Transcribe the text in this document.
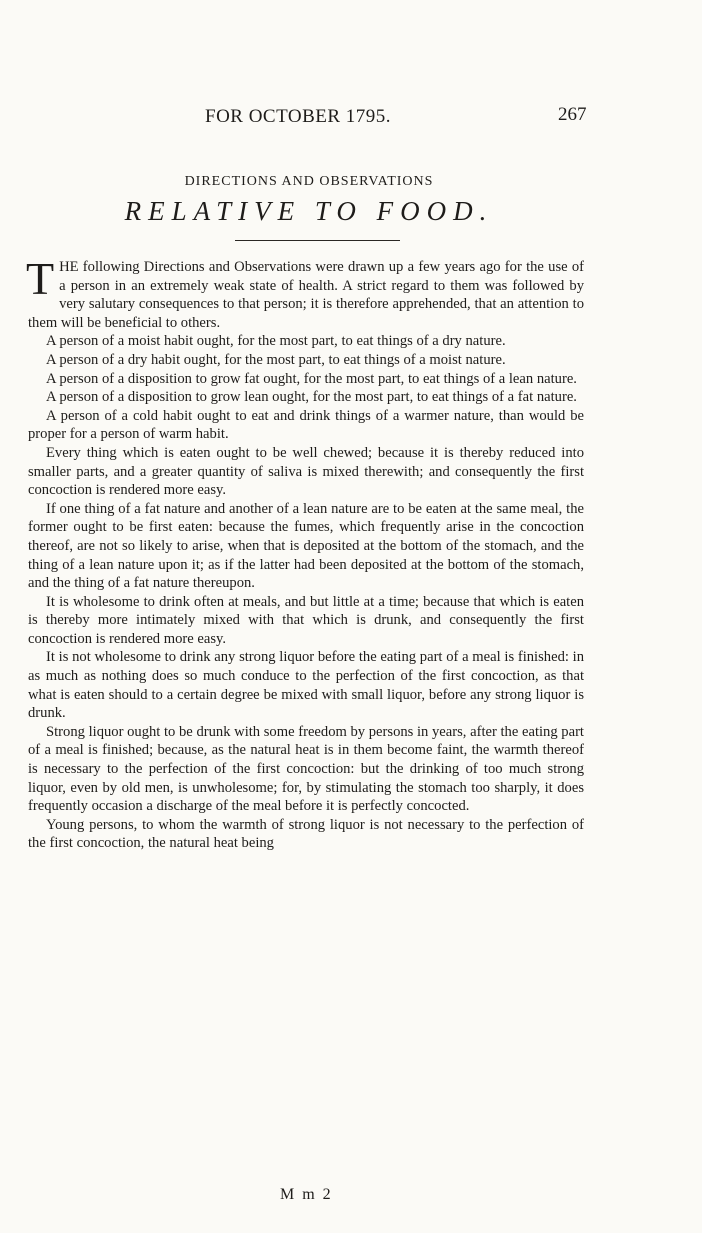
FOR OCTOBER 1795.	267
DIRECTIONS AND OBSERVATIONS
RELATIVE TO FOOD.

THE following Directions and Observations were drawn up a few years ago for the use of a person in an extremely weak state of health. A strict regard to them was followed by very salutary consequences to that person; it is therefore apprehended, that an attention to them will be beneficial to others.

A person of a moist habit ought, for the most part, to eat things of a dry nature.

A person of a dry habit ought, for the most part, to eat things of a moist nature.

A person of a disposition to grow fat ought, for the most part, to eat things of a lean nature.

A person of a disposition to grow lean ought, for the most part, to eat things of a fat nature.

A person of a cold habit ought to eat and drink things of a warmer nature, than would be proper for a person of warm habit.

Every thing which is eaten ought to be well chewed; because it is thereby reduced into smaller parts, and a greater quantity of saliva is mixed therewith; and consequently the first concoction is rendered more easy.

If one thing of a fat nature and another of a lean nature are to be eaten at the same meal, the former ought to be first eaten: because the fumes, which frequently arise in the concoction thereof, are not so likely to arise, when that is deposited at the bottom of the stomach, and the thing of a lean nature upon it; as if the latter had been deposited at the bottom of the stomach, and the thing of a fat nature thereupon.

It is wholesome to drink often at meals, and but little at a time; because that which is eaten is thereby more intimately mixed with that which is drunk, and consequently the first concoction is rendered more easy.

It is not wholesome to drink any strong liquor before the eating part of a meal is finished: in as much as nothing does so much conduce to the perfection of the first concoction, as that what is eaten should to a certain degree be mixed with small liquor, before any strong liquor is drunk.

Strong liquor ought to be drunk with some freedom by persons in years, after the eating part of a meal is finished; because, as the natural heat is in them become faint, the warmth thereof is necessary to the perfection of the first concoction: but the drinking of too much strong liquor, even by old men, is unwholesome; for, by stimulating the stomach too sharply, it does frequently occasion a discharge of the meal before it is perfectly concocted.

Young persons, to whom the warmth of strong liquor is not necessary to the perfection of the first concoction, the natural heat being

M m 2
